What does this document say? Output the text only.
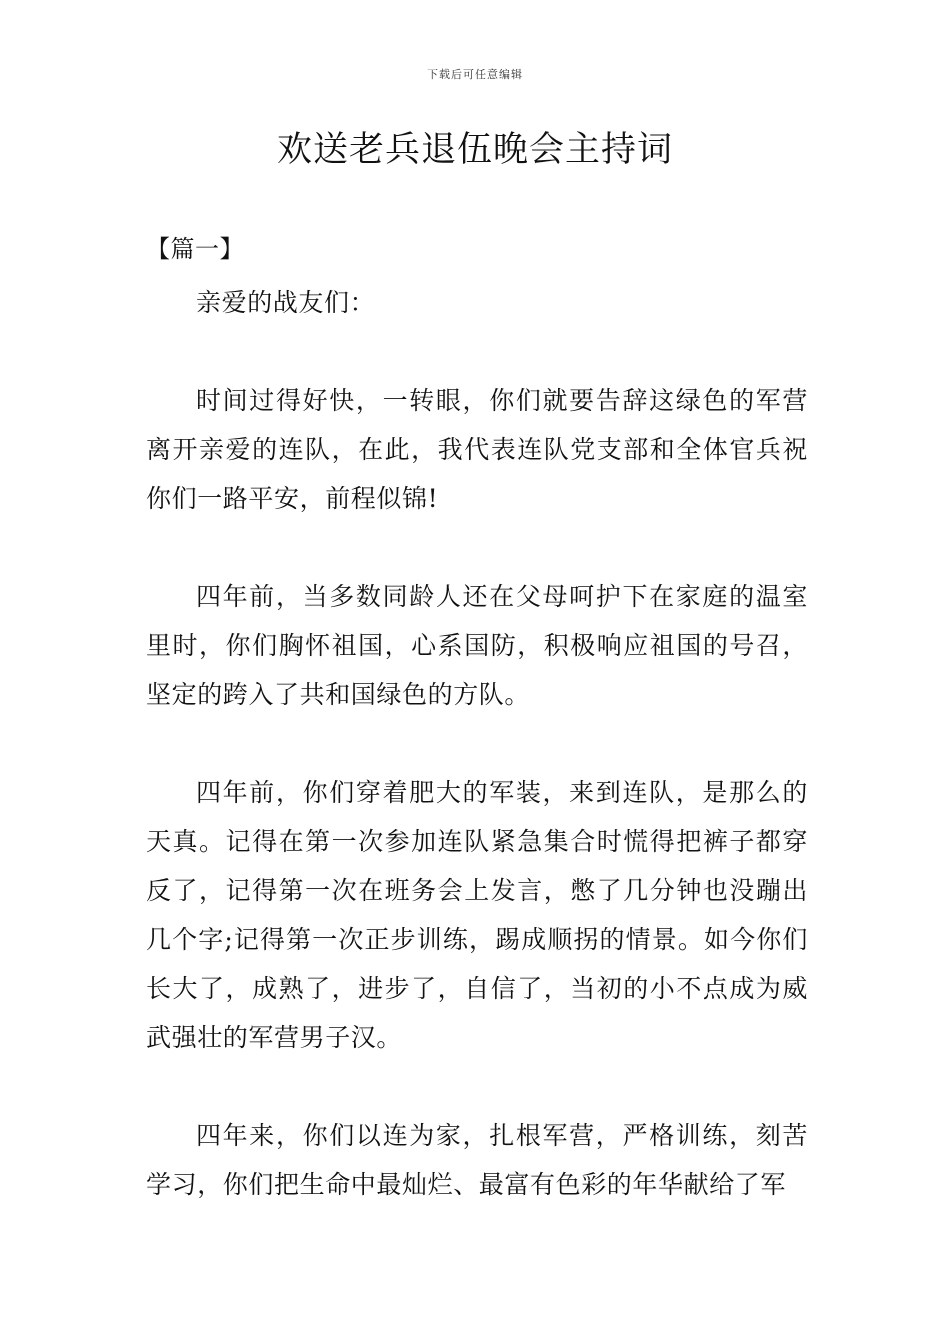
下载后可任意编辑
欢送老兵退伍晚会主持词

【篇一】

亲爱的战友们：

时间过得好快，一转眼，你们就要告辞这绿色的军营离开亲爱的连队，在此，我代表连队党支部和全体官兵祝你们一路平安，前程似锦!

四年前，当多数同龄人还在父母呵护下在家庭的温室里时，你们胸怀祖国，心系国防，积极响应祖国的号召，坚定的跨入了共和国绿色的方队。

四年前，你们穿着肥大的军装，来到连队，是那么的天真。记得在第一次参加连队紧急集合时慌得把裤子都穿反了，记得第一次在班务会上发言，憋了几分钟也没蹦出几个字;记得第一次正步训练，踢成顺拐的情景。如今你们长大了，成熟了，进步了，自信了，当初的小不点成为威武强壮的军营男子汉。

四年来，你们以连为家，扎根军营，严格训练，刻苦学习，你们把生命中最灿烂、最富有色彩的年华献给了军
